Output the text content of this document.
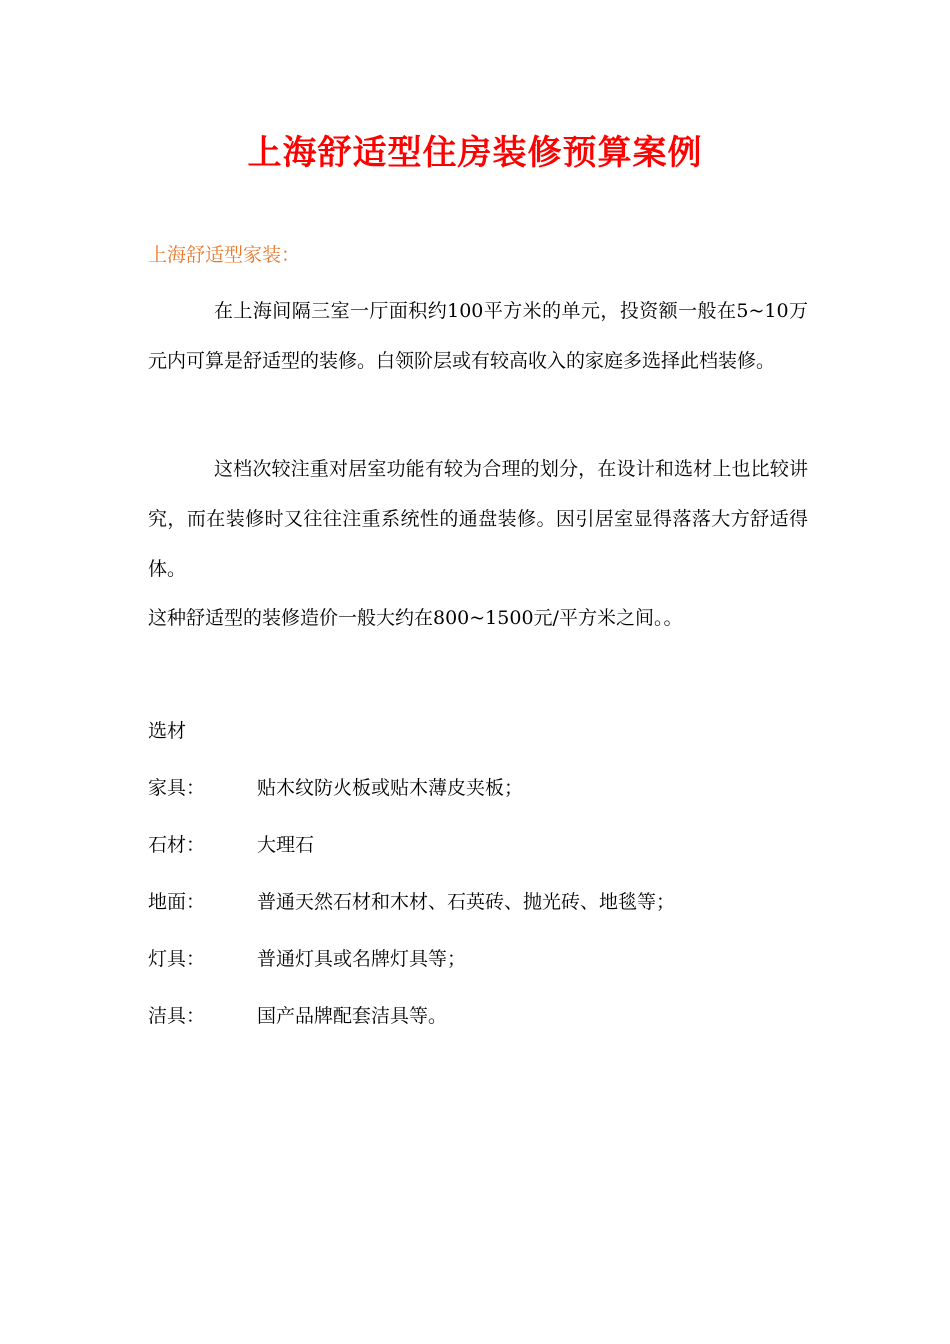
上海舒适型住房装修预算案例
上海舒适型家装：
在上海间隔三室一厅面积约100平方米的单元，投资额一般在5~10万元内可算是舒适型的装修。白领阶层或有较高收入的家庭多选择此档装修。
这档次较注重对居室功能有较为合理的划分，在设计和选材上也比较讲究，而在装修时又往往注重系统性的通盘装修。因引居室显得落落大方舒适得体。
这种舒适型的装修造价一般大约在800~1500元/平方米之间。。
选材
家具：	贴木纹防火板或贴木薄皮夹板；
石材：	大理石
地面：	普通天然石材和木材、石英砖、抛光砖、地毯等；
灯具：	普通灯具或名牌灯具等；
洁具：	国产品牌配套洁具等。
